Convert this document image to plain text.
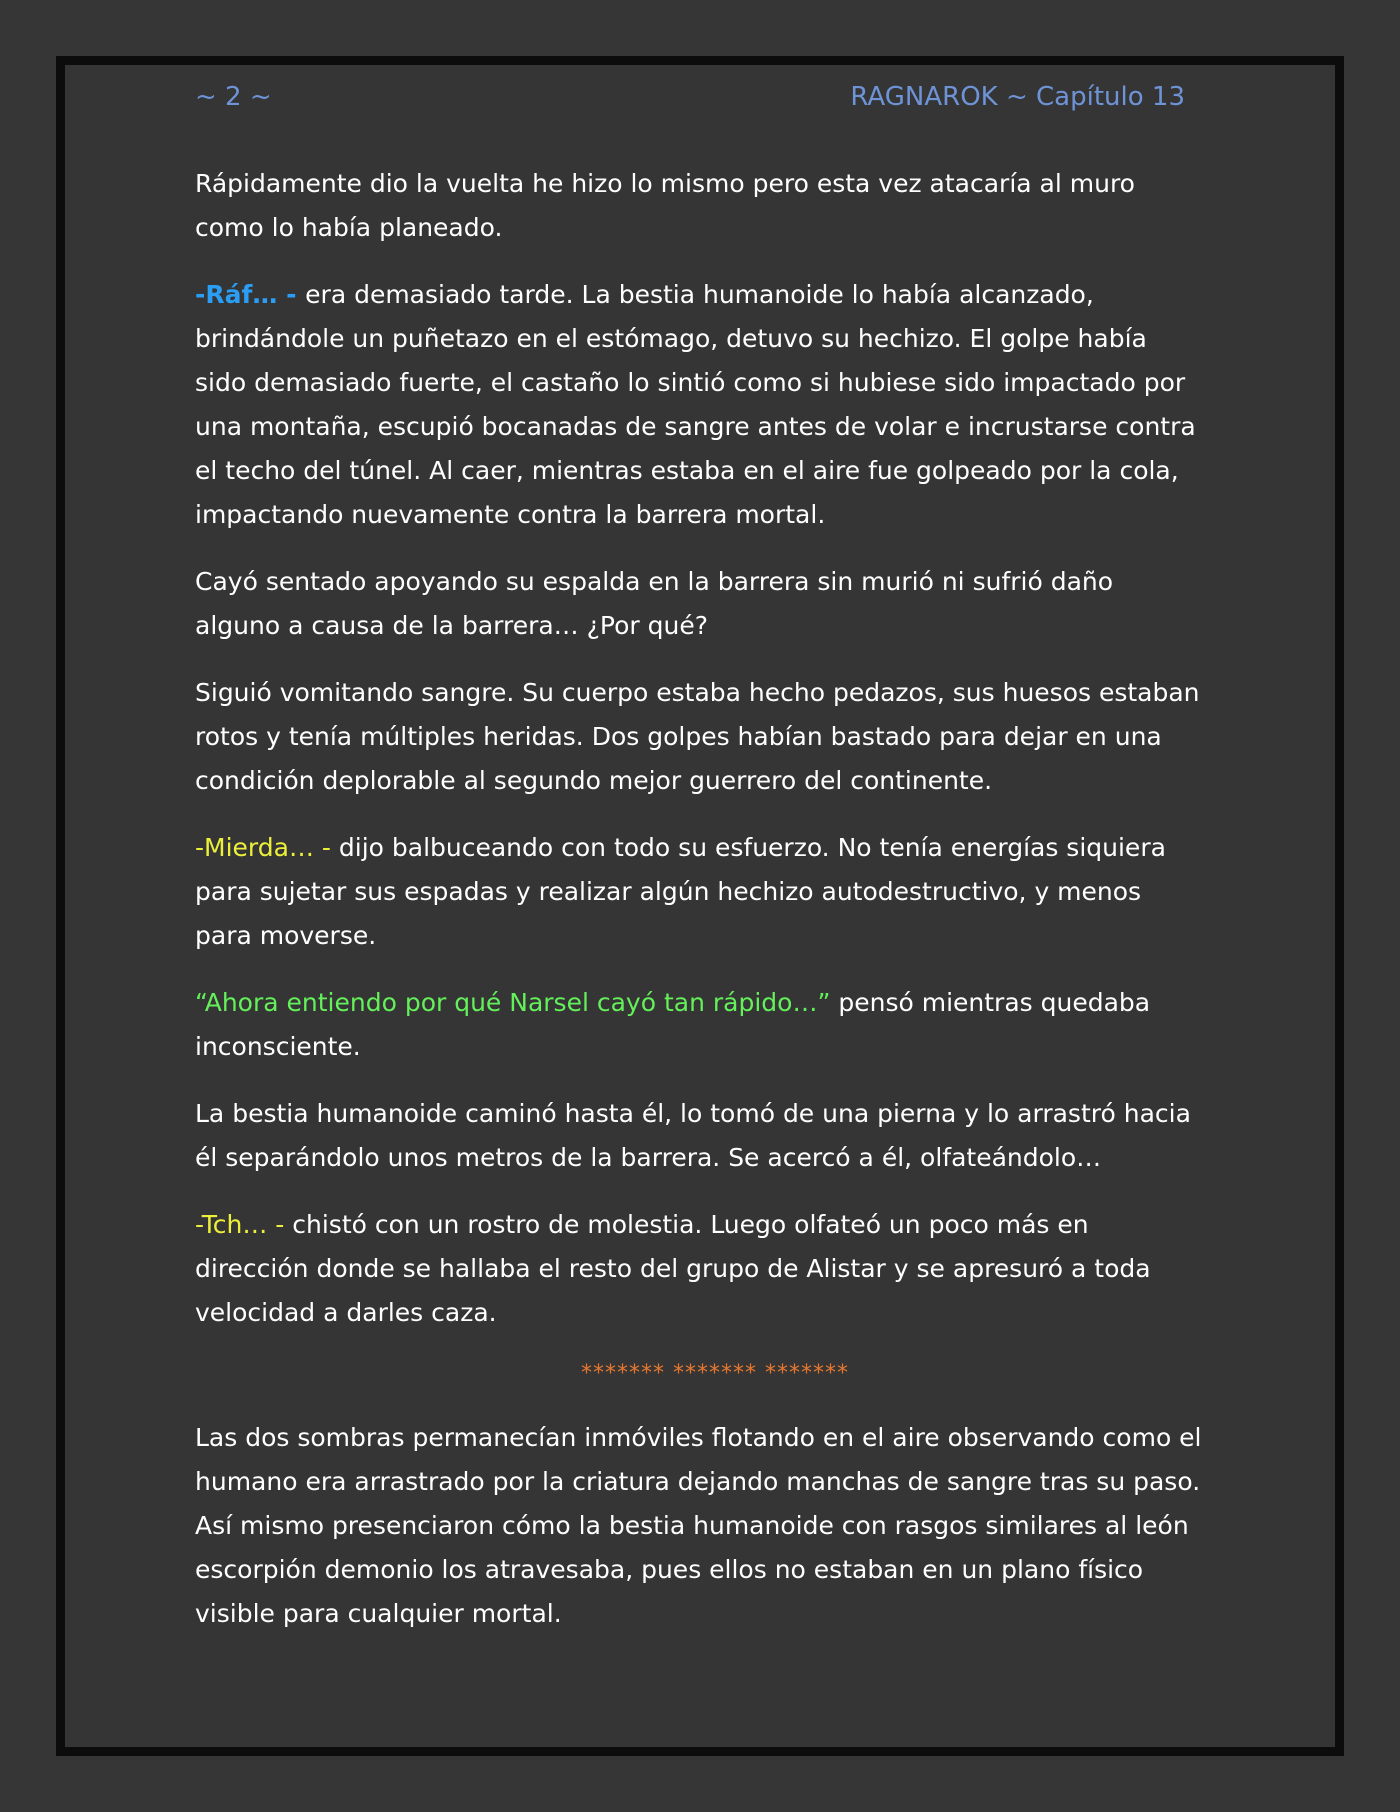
~ 2 ~	RAGNAROK ~ Capítulo 13

Rápidamente dio la vuelta he hizo lo mismo pero esta vez atacaría al muro como lo había planeado.

-Ráf… - era demasiado tarde. La bestia humanoide lo había alcanzado, brindándole un puñetazo en el estómago, detuvo su hechizo. El golpe había sido demasiado fuerte, el castaño lo sintió como si hubiese sido impactado por una montaña, escupió bocanadas de sangre antes de volar e incrustarse contra el techo del túnel. Al caer, mientras estaba en el aire fue golpeado por la cola, impactando nuevamente contra la barrera mortal.

Cayó sentado apoyando su espalda en la barrera sin murió ni sufrió daño alguno a causa de la barrera… ¿Por qué?

Siguió vomitando sangre. Su cuerpo estaba hecho pedazos, sus huesos estaban rotos y tenía múltiples heridas. Dos golpes habían bastado para dejar en una condición deplorable al segundo mejor guerrero del continente.

-Mierda… - dijo balbuceando con todo su esfuerzo. No tenía energías siquiera para sujetar sus espadas y realizar algún hechizo autodestructivo, y menos para moverse.

“Ahora entiendo por qué Narsel cayó tan rápido…” pensó mientras quedaba inconsciente.

La bestia humanoide caminó hasta él, lo tomó de una pierna y lo arrastró hacia él separándolo unos metros de la barrera. Se acercó a él, olfateándolo…

-Tch… - chistó con un rostro de molestia. Luego olfateó un poco más en dirección donde se hallaba el resto del grupo de Alistar y se apresuró a toda velocidad a darles caza.

******* ******* *******

Las dos sombras permanecían inmóviles flotando en el aire observando como el humano era arrastrado por la criatura dejando manchas de sangre tras su paso. Así mismo presenciaron cómo la bestia humanoide con rasgos similares al león escorpión demonio los atravesaba, pues ellos no estaban en un plano físico visible para cualquier mortal.
